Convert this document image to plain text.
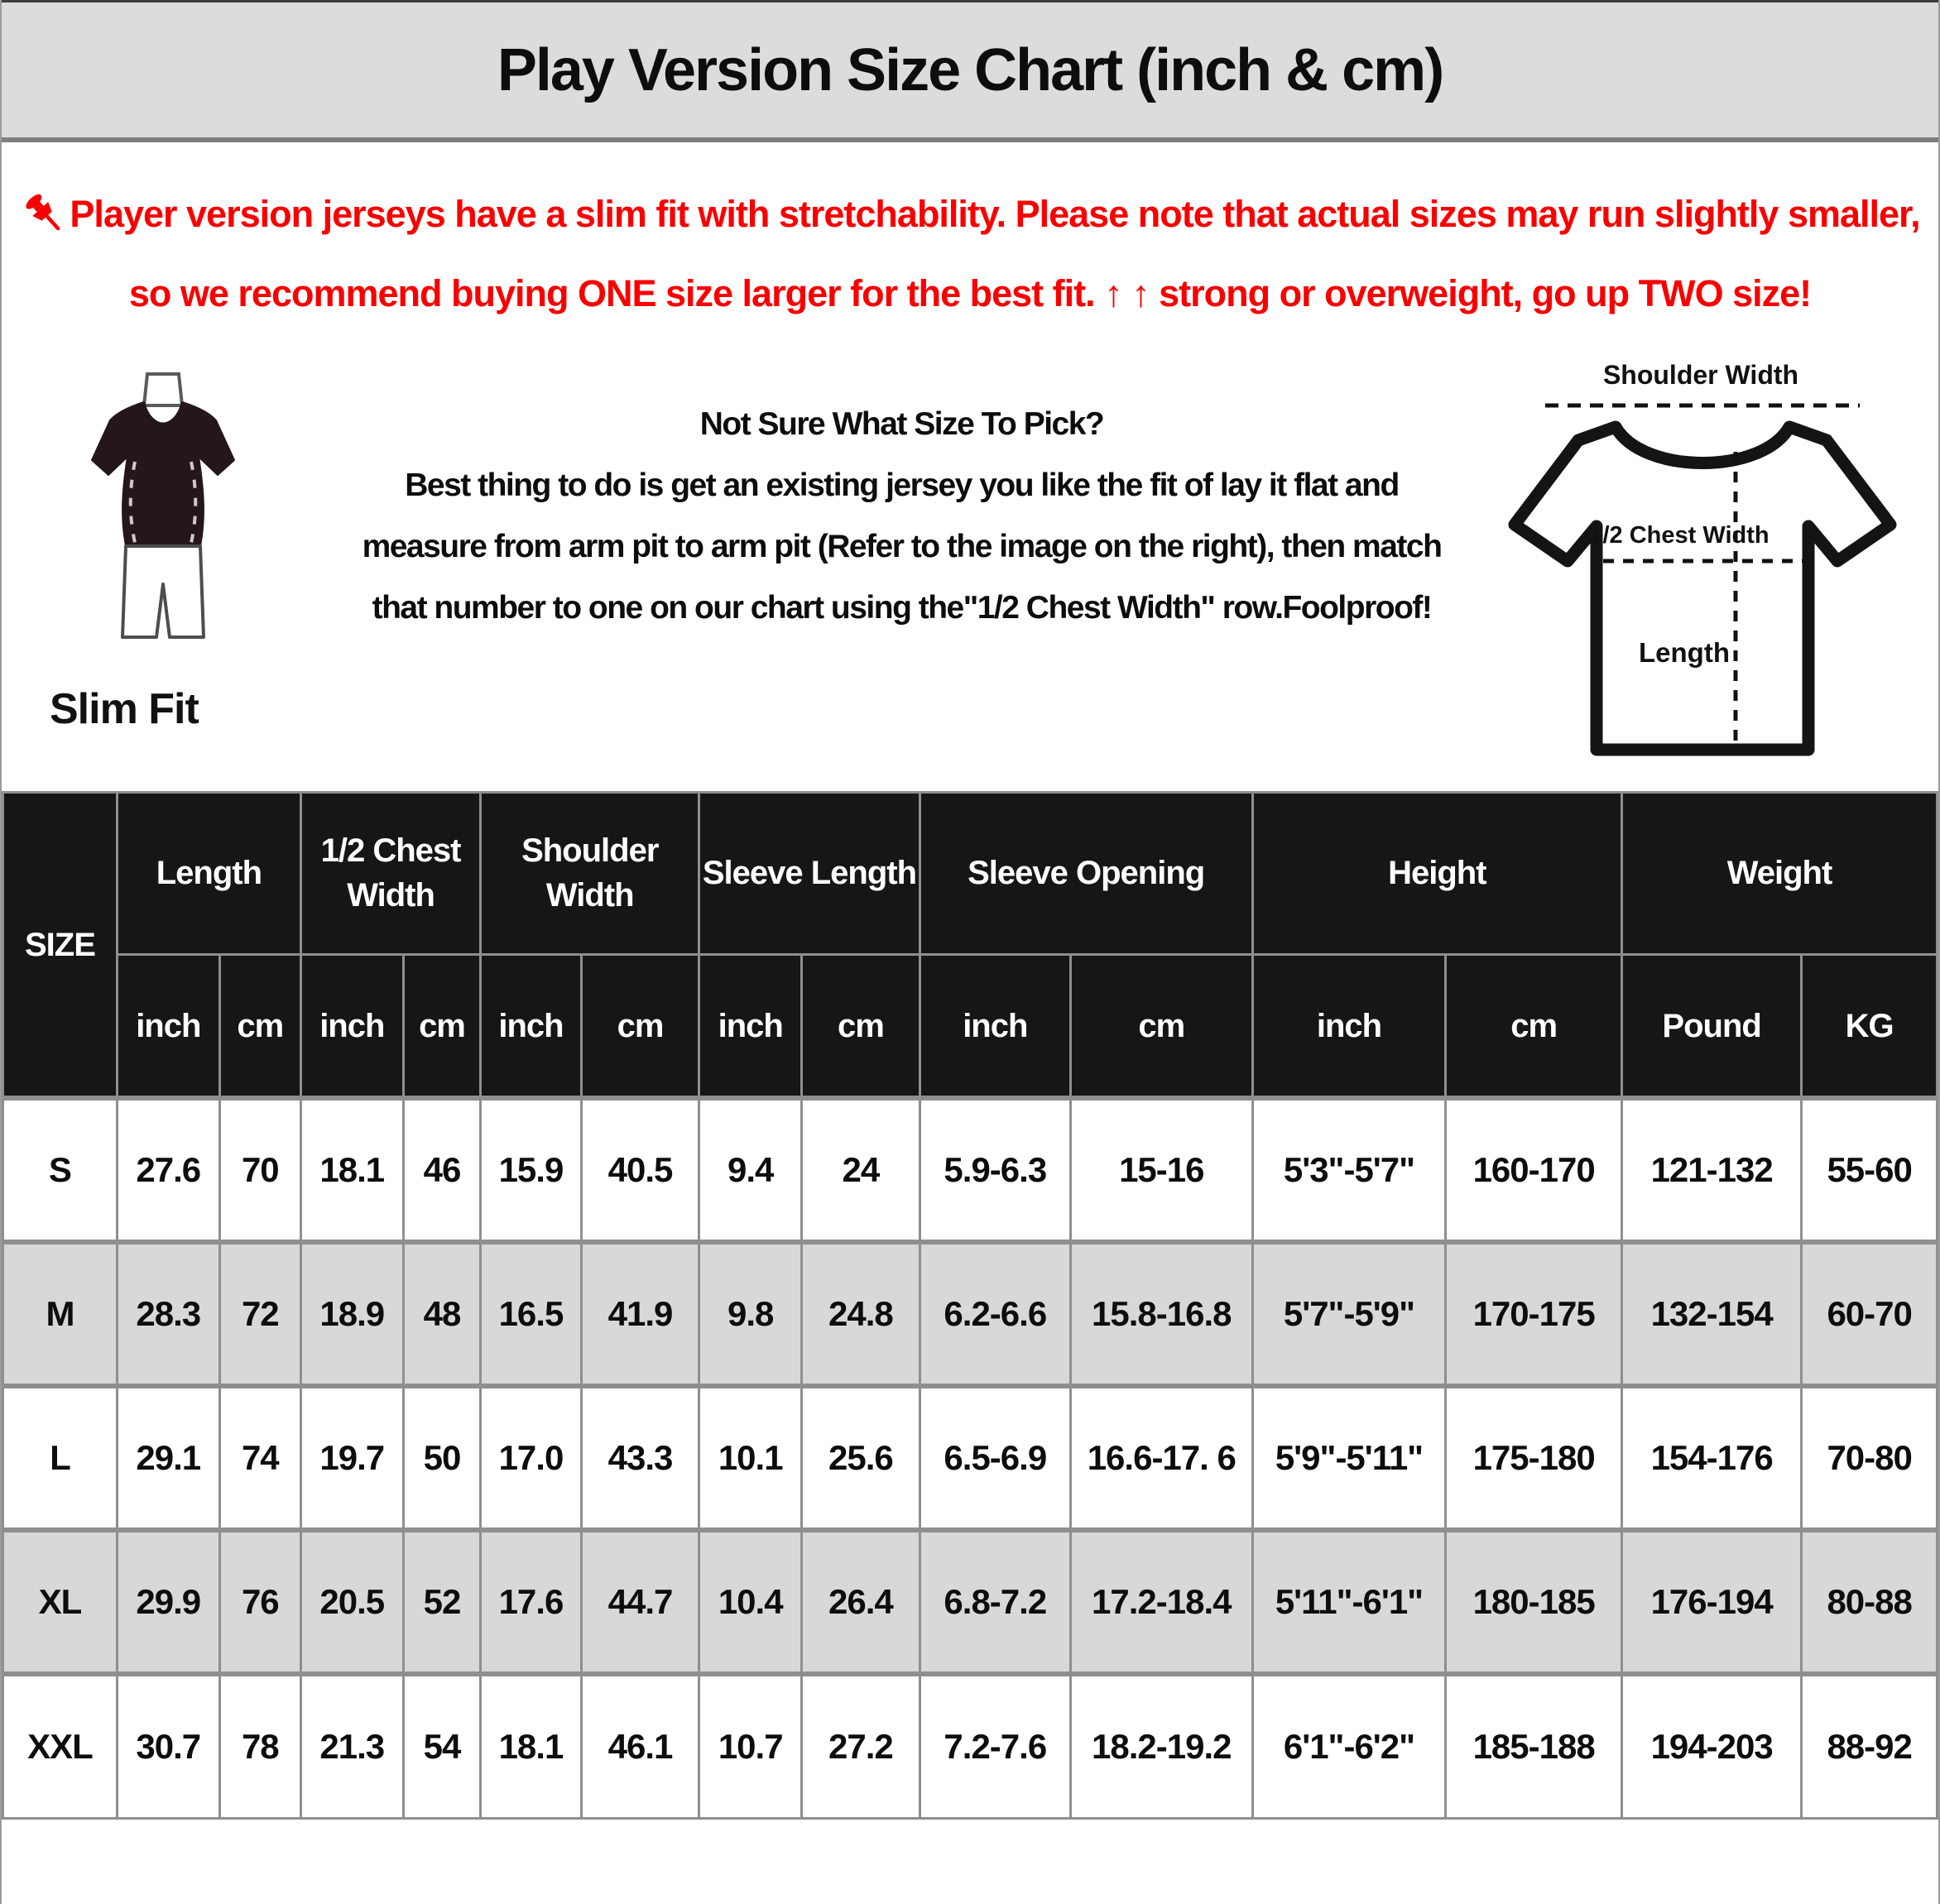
Play Version Size Chart (inch & cm)
Player version jerseys have a slim fit with stretchability. Please note that actual sizes may run slightly smaller, so we recommend buying ONE size larger for the best fit. ↑ ↑ strong or overweight, go up TWO size!
Slim Fit
Not Sure What Size To Pick?
Best thing to do is get an existing jersey you like the fit of lay it flat and measure from arm pit to arm pit (Refer to the image on the right), then match that number to one on our chart using the"1/2 Chest Width" row.Foolproof!
Shoulder Width
1/2 Chest Width
Length
SIZE	Length		1/2 Chest Width		Shoulder Width		Sleeve Length		Sleeve Opening		Height		Weight	
	inch	cm	inch	cm	inch	cm	inch	cm	inch	cm	inch	cm	Pound	KG
S	27.6	70	18.1	46	15.9	40.5	9.4	24	5.9-6.3	15-16	5'3"-5'7"	160-170	121-132	55-60
M	28.3	72	18.9	48	16.5	41.9	9.8	24.8	6.2-6.6	15.8-16.8	5'7"-5'9"	170-175	132-154	60-70
L	29.1	74	19.7	50	17.0	43.3	10.1	25.6	6.5-6.9	16.6-17. 6	5'9"-5'11"	175-180	154-176	70-80
XL	29.9	76	20.5	52	17.6	44.7	10.4	26.4	6.8-7.2	17.2-18.4	5'11"-6'1"	180-185	176-194	80-88
XXL	30.7	78	21.3	54	18.1	46.1	10.7	27.2	7.2-7.6	18.2-19.2	6'1"-6'2"	185-188	194-203	88-92
